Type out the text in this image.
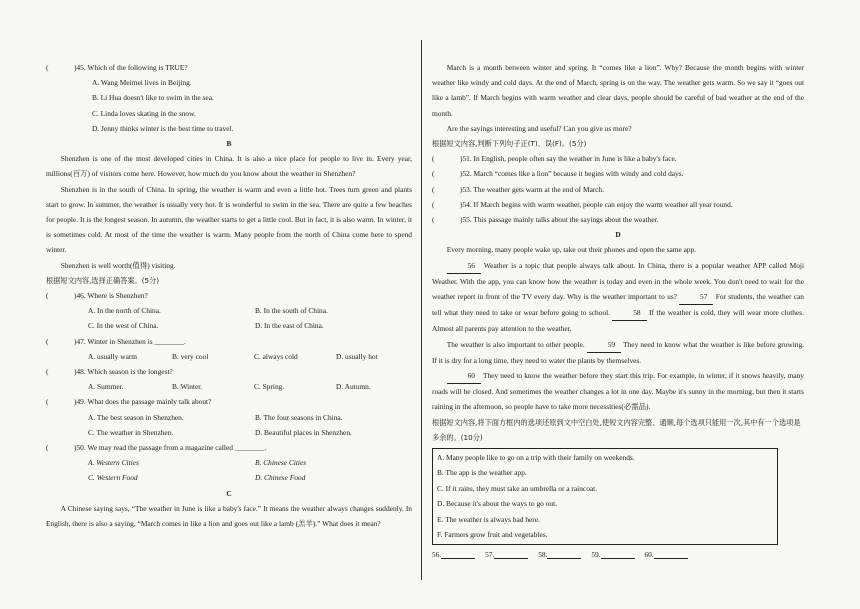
(	)45. Which of the following is TRUE?

A. Wang Meimei lives in Beijing.

B. Li Hua doesn't like to swim in the sea.

C. Linda loves skating in the snow.

D. Jenny thinks winter is the best time to travel.

B

Shenzhen is one of the most developed cities in China. It is also a nice place for people to live in. Every year, millions(百万) of visitors come here. However, how much do you know about the weather in Shenzhen?

Shenzhen is in the south of China. In spring, the weather is warm and even a little hot. Trees turn green and plants start to grow. In summer, the weather is usually very hot. It is wonderful to swim in the sea. There are quite a few beaches for people. It is the longest season. In autumn, the weather starts to get a little cool. But in fact, it is also warm. In winter, it is sometimes cold. At most of the time the weather is warm. Many people from the north of China come here to spend winter.

Shenzhen is well worth(值得) visiting.

根据短文内容,选择正确答案。(5分)

(	)46. Where is Shenzhen?

A. In the north of China.	B. In the south of China.
C. In the west of China.	D. In the east of China.

(	)47. Winter in Shenzhen is ________.

A. usually warm	B. very cool	C. always cold	D. usually hot

(	)48. Which season is the longest?

A. Summer.	B. Winter.	C. Spring.	D. Autumn.

(	)49. What does the passage mainly talk about?

A. The best season in Shenzhen.	B. The four seasons in China.
C. The weather in Shenzhen.	D. Beautiful places in Shenzhen.

(	)50. We may read the passage from a magazine called ________.

A. Western Cities	B. Chinese Cities
C. Western Food	D. Chinese Food

C

A Chinese saying says, “The weather in June is like a baby's face.” It means the weather always changes suddenly. In English, there is also a saying, “March comes in like a lion and goes out like a lamb (羔羊).” What does it mean?

March is a month between winter and spring. It “comes like a lion”. Why? Because the month begins with winter weather like windy and cold days. At the end of March, spring is on the way. The weather gets warm. So we say it “goes out like a lamb”. If March begins with warm weather and clear days, people should be careful of bad weather at the end of the month.

Are the sayings interesting and useful? Can you give us more?

根据短文内容,判断下列句子正(T)、误(F)。(5分)

(	)51. In English, people often say the weather in June is like a baby's face.

(	)52. March “comes like a lion” because it begins with windy and cold days.

(	)53. The weather gets warm at the end of March.

(	)54. If March begins with warm weather, people can enjoy the warm weather all year round.

(	)55. This passage mainly talks about the sayings about the weather.

D

Every morning, many people wake up, take out their phones and open the same app.

56 Weather is a topic that people always talk about. In China, there is a popular weather APP called Moji Weather. With the app, you can know how the weather is today and even in the whole week. You don't need to wait for the weather report in front of the TV every day. Why is the weather important to us?	57 For students, the weather can tell what they need to take or wear before going to school.	58 If the weather is cold, they will wear more clothes. Almost all parents pay attention to the weather.

The weather is also important to other people.	59 They need to know what the weather is like before growing. If it is dry for a long time, they need to water the plants by themselves.

60 They need to know the weather before they start this trip. For example, in winter, if it snows heavily, many roads will be closed. And sometimes the weather changes a lot in one day. Maybe it's sunny in the morning, but then it starts raining in the afternoon, so people have to take more necessities(必需品).

根据短文内容,将下面方框内的选项还原到文中空白处,使短文内容完整、通顺,每个选项只能用一次,其中有一个选项是多余的。(10分)

A. Many people like to go on a trip with their family on weekends.

B. The app is the weather app.

C. If it rains, they must take an umbrella or a raincoat.

D. Because it's about the ways to go out.

E. The weather is always bad here.

F. Farmers grow fruit and vegetables.

56.	57.	58.	59.	60.
